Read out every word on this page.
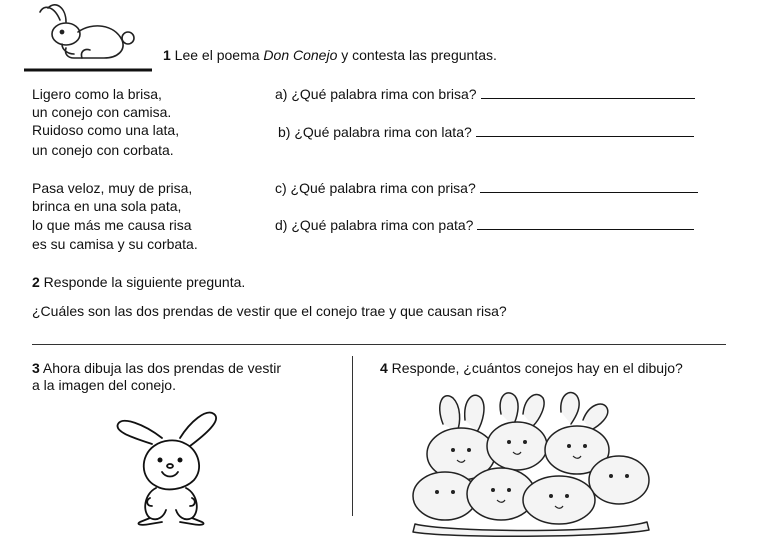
1 Lee el poema Don Conejo y contesta las preguntas.
Ligero como la brisa,
un conejo con camisa.
Ruidoso como una lata,
un conejo con corbata.
Pasa veloz, muy de prisa,
brinca en una sola pata,
lo que más me causa risa
es su camisa y su corbata.
a) ¿Qué palabra rima con brisa?
b) ¿Qué palabra rima con lata?
c) ¿Qué palabra rima con prisa?
d) ¿Qué palabra rima con pata?
2 Responde la siguiente pregunta.
¿Cuáles son las dos prendas de vestir que el conejo trae y que causan risa?
3 Ahora dibuja las dos prendas de vestir
a la imagen del conejo.
4 Responde, ¿cuántos conejos hay en el dibujo?
